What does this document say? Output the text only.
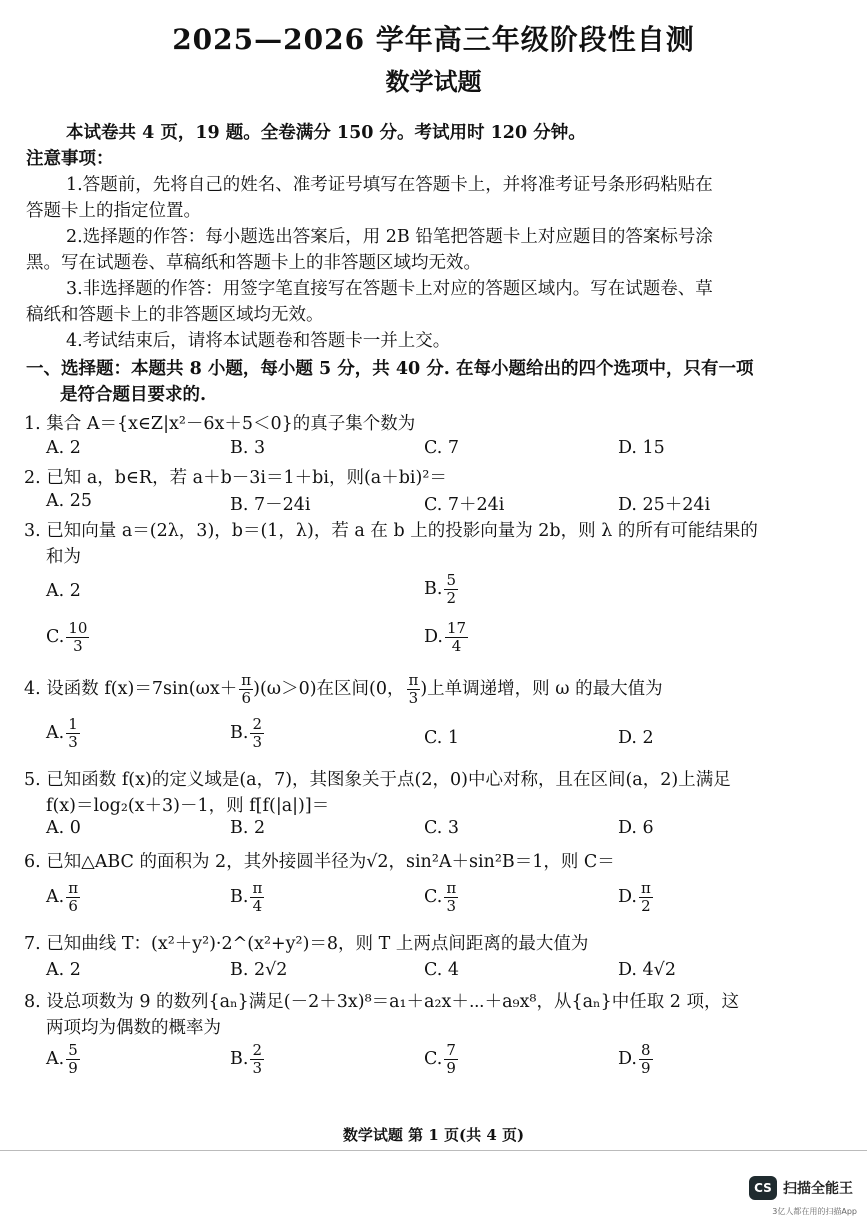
2025—2026 学年高三年级阶段性自测
数学试题
本试卷共 4 页，19 题。全卷满分 150 分。考试用时 120 分钟。
注意事项：
1.答题前，先将自己的姓名、准考证号填写在答题卡上，并将准考证号条形码粘贴在
答题卡上的指定位置。
2.选择题的作答：每小题选出答案后，用 2B 铅笔把答题卡上对应题目的答案标号涂
黑。写在试题卷、草稿纸和答题卡上的非答题区域均无效。
3.非选择题的作答：用签字笔直接写在答题卡上对应的答题区域内。写在试题卷、草
稿纸和答题卡上的非答题区域均无效。
4.考试结束后，请将本试题卷和答题卡一并上交。
一、选择题：本题共 8 小题，每小题 5 分，共 40 分. 在每小题给出的四个选项中，只有一项
是符合题目要求的.
1. 集合 A＝{x∈Z|x²－6x＋5＜0}的真子集个数为
A. 2	B. 3	C. 7	D. 15
2. 已知 a，b∈R，若 a＋b－3i＝1＋bi，则(a＋bi)²＝
A. 25	B. 7－24i	C. 7＋24i	D. 25＋24i
3. 已知向量 a＝(2λ，3)，b＝(1，λ)，若 a 在 b 上的投影向量为 2b，则 λ 的所有可能结果的
和为
A. 2	B. $\frac{5}{2}$
C. $\frac{10}{3}$	D. $\frac{17}{4}$
4. 设函数 $f(x)=7\sin(\omega x+ \frac{\pi}{6} )(\omega>0)$在区间(0， $\frac{\pi}{3}$ )上单调递增，则 ω 的最大值为
A. $\frac{1}{3}$	B. $\frac{2}{3}$	C. 1	D. 2
5. 已知函数 f(x)的定义域是(a，7)，其图象关于点(2，0)中心对称，且在区间(a，2)上满足
f(x)＝log₂(x＋3)－1，则 f[f(|a|)]＝
A. 0	B. 2	C. 3	D. 6
6. 已知△ABC 的面积为 2，其外接圆半径为√2，sin²A＋sin²B＝1，则 C＝
A. $\frac{\pi}{6}$	B. $\frac{\pi}{4}$	C. $\frac{\pi}{3}$	D. $\frac{\pi}{2}$
7. 已知曲线 T：(x²＋y²)·2^(x²+y²)＝8，则 T 上两点间距离的最大值为
A. 2	B. 2√2	C. 4	D. 4√2
8. 设总项数为 9 的数列{aₙ}满足(－2＋3x)⁸＝a₁＋a₂x＋⋯＋a₉x⁸，从{aₙ}中任取 2 项，这
两项均为偶数的概率为
A. $\frac{5}{9}$	B. $\frac{2}{3}$	C. $\frac{7}{9}$	D. $\frac{8}{9}$
数学试题 第 1 页(共 4 页)
CS 扫描全能王
3亿人都在用的扫描App
